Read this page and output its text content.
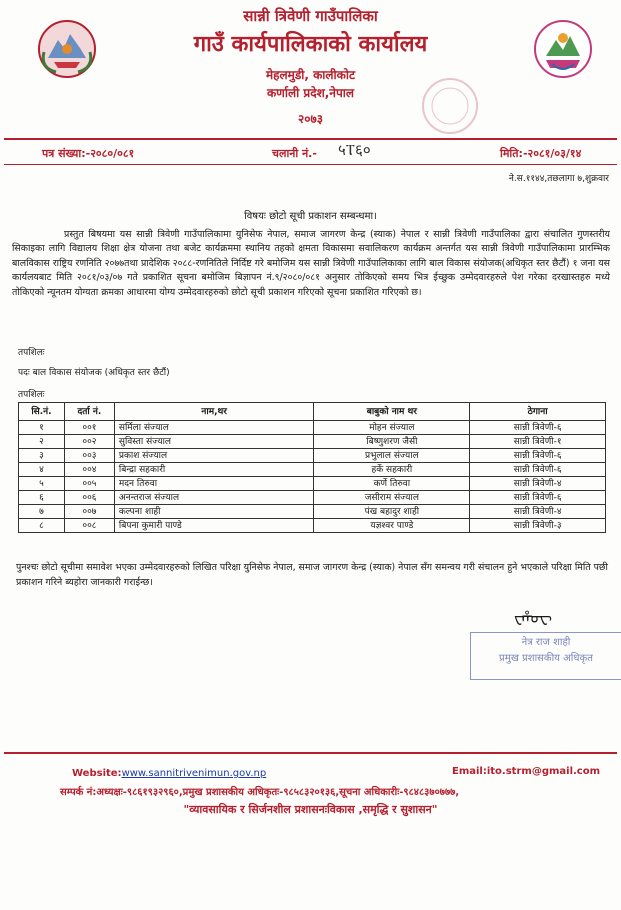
सान्नी त्रिवेणी गाउँपालिका
गाउँ कार्यपालिकाको कार्यालय
मेहलमुडी, कालीकोट
कर्णाली प्रदेश,नेपाल
२०७३
पत्र संख्या:-२०८०/०८१	चलानी नं.- ५Ⲧ६०	मिति:-२०८१/०३/१४
ने.स.११४४,तछलागा ७,शुक्रवार
विषयः छोटो सूची प्रकाशन सम्बन्धमा।
प्रस्तुत बिषयमा यस सान्नी त्रिवेणी गाउँपालिकामा युनिसेफ नेपाल, समाज जागरण केन्द्र (स्याक) नेपाल र सान्नी त्रिवेणी गाउँपालिका द्वारा संचालित गुणस्तरीय सिकाइका लागि विद्यालय शिक्षा क्षेत्र योजना तथा बजेट कार्यक्रममा स्थानिय तहको क्षमता विकासमा सवालिकरण कार्यक्रम अन्तर्गत यस सान्नी त्रिवेणी गाउँपालिकामा प्रारम्भिक बालविकास राष्ट्रिय रणनिति २०७७तथा प्रादेशिक २०८८-रणनितिले निर्दिष्ट गरे बमोजिम यस सान्नी त्रिवेणी गाउँपालिकाका लागि बाल विकास संयोजक(अधिकृत स्तर छैटौं) १ जना यस कार्यलयबाट मिति २०८१/०३/०७ गते प्रकाशित सूचना बमोजिम बिज्ञापन नं.९/२०८०/०८१ अनुसार तोकिएको समय भित्र ईच्छुक उम्मेदवारहरुले पेश गरेका दरखास्तहरु मध्ये तोकिएको न्यूनतम योग्यता क्रमका आधारमा योग्य उम्मेदवारहरुको छोटो सूची प्रकाशन गरिएको सूचना प्रकाशित गरिएको छ।
तपशिलः
पदः बाल विकास संयोजक (अधिकृत स्तर छैटौं)
तपशिलः
सि.नं.	दर्ता नं.	नाम,थर	बाबुको नाम थर	ठेगाना
१	००१	सर्मिला संज्याल	मोहन संज्याल	सान्नी त्रिवेणी-६
२	००२	सुविस्ता संज्याल	बिष्णुशरण जैसी	सान्नी त्रिवेणी-१
३	००३	प्रकाश संज्याल	प्रभुलाल संज्याल	सान्नी त्रिवेणी-६
४	००४	बिन्द्रा सहकारी	हर्के सहकारी	सान्नी त्रिवेणी-६
५	००५	मदन तिरुवा	कर्णे तिरुवा	सान्नी त्रिवेणी-४
६	००६	अनन्तराज संज्याल	जसीराम संज्याल	सान्नी त्रिवेणी-६
७	००७	कल्पना शाही	पंख बहादुर शाही	सान्नी त्रिवेणी-४
८	००८	बिपना कुमारी पाण्डे	यज्ञश्वर पाण्डे	सान्नी त्रिवेणी-३
पुनश्चः छोटो सूचीमा समावेश भएका उम्मेदवारहरुको लिखित परिक्षा युनिसेफ नेपाल, समाज जागरण केन्द्र (स्याक) नेपाल सँग समन्वय गरी संचालन हुने भएकाले परिक्षा मिति पछी प्रकाशन गरिने ब्यहोरा जानकारी गराईन्छ।
ᠸᡥᠣᠧ
नेत्र राज शाही
प्रमुख प्रशासकीय अधिकृत
Website:www.sannitrivenimun.gov.np	Email:ito.strm@gmail.com
सम्पर्क नं:अध्यक्षः-९८६१९३२९६०,प्रमुख प्रशासकीय अधिकृतः-९८५८३२०१३६,सूचना अधिकारीः-९८४८३७०७७७,
"व्यावसायिक र सिर्जनशील प्रशासनःविकास ,समृद्धि र सुशासन"
